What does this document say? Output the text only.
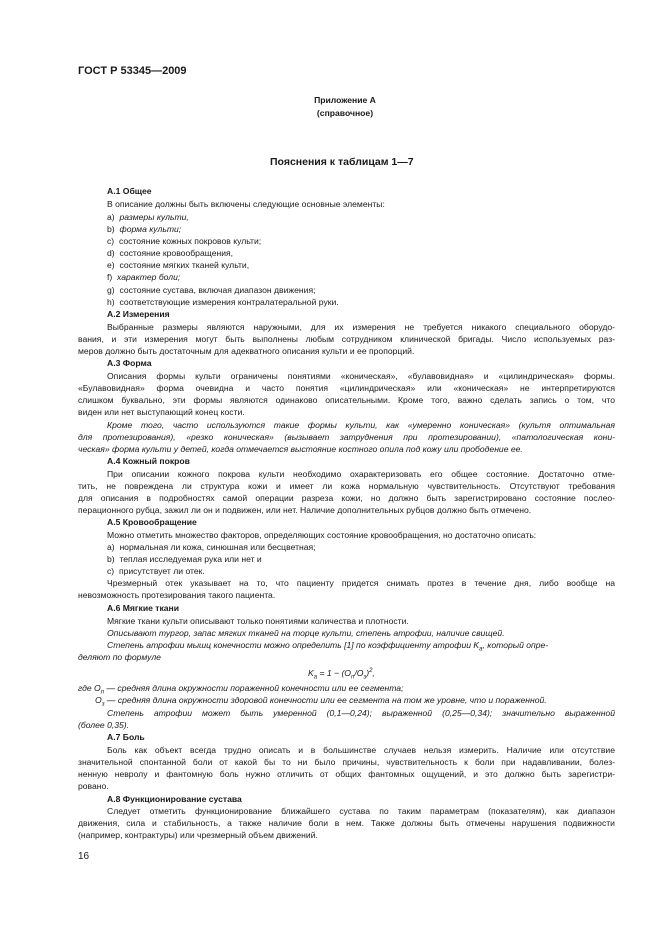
ГОСТ Р 53345—2009
Приложение А
(справочное)
Пояснения к таблицам 1—7
А.1 Общее
В описание должны быть включены следующие основные элементы:
а) размеры культи,
b) форма культи;
c) состояние кожных покровов культи;
d) состояние кровообращения,
e) состояние мягких тканей культи,
f) характер боли;
g) состояние сустава, включая диапазон движения;
h) соответствующие измерения контралатеральной руки.
А.2 Измерения
Выбранные размеры являются наружными, для их измерения не требуется никакого специального оборудо-
вания, и эти измерения могут быть выполнены любым сотрудником клинической бригады. Число используемых раз-
меров должно быть достаточным для адекватного описания культи и ее пропорций.
А.3 Форма
Описания формы культи ограничены понятиями «коническая», «булавовидная» и «цилиндрическая» формы.
«Булавовидная» форма очевидна и часто понятия «цилиндрическая» или «коническая» не интерпретируются
слишком буквально, эти формы являются одинаково описательными. Кроме того, важно сделать запись о том, что
виден или нет выступающий конец кости.
Кроме того, часто используются такие формы культи, как «умеренно коническая» (культя оптимальная
для протезирования), «резко коническая» (вызывает затруднения при протезировании), «патологическая кони-
ческая» форма культи у детей, когда отмечается выстояние костного опила под кожу или прободение ее.
А.4 Кожный покров
При описании кожного покрова культи необходимо охарактеризовать его общее состояние. Достаточно отме-
тить, не повреждена ли структура кожи и имеет ли кожа нормальную чувствительность. Отсутствуют требования
для описания в подробностях самой операции разреза кожи, но должно быть зарегистрировано состояние послео-
перационного рубца, зажил ли он и подвижен, или нет. Наличие дополнительных рубцов должно быть отмечено.
А.5 Кровообращение
Можно отметить множество факторов, определяющих состояние кровообращения, но достаточно описать:
а) нормальная ли кожа, синюшная или бесцветная;
b) теплая исследуемая рука или нет и
c) присутствует ли отек.
Чрезмерный отек указывает на то, что пациенту придется снимать протез в течение дня, либо вообще на
невозможность протезирования такого пациента.
А.6 Мягкие ткани
Мягкие ткани культи описывают только понятиями количества и плотности.
Описывают тургор, запас мягких тканей на торце культи, степень атрофии, наличие свищей.
Степень атрофии мышц конечности можно определить [1] по коэффициенту атрофии $K_а$, который опре-
деляют по формуле
$K_а = 1 - (O_п/O_з)^2$,
где $O_п$ — средняя длина окружности пораженной конечности или ее сегмента;
$O_з$ — средняя длина окружности здоровой конечности или ее сегмента на том же уровне, что и пораженной.
Степень атрофии может быть умеренной (0,1—0,24); выраженной (0,25—0,34); значительно выраженной
(более 0,35).
А.7 Боль
Боль как объект всегда трудно описать и в большинстве случаев нельзя измерить. Наличие или отсутствие
значительной спонтанной боли от какой бы то ни было причины, чувствительность к боли при надавливании, болез-
ненную невролу и фантомную боль нужно отличить от общих фантомных ощущений, и это должно быть зарегистри-
ровано.
А.8 Функционирование сустава
Следует отметить функционирование ближайшего сустава по таким параметрам (показателям), как диапазон
движения, сила и стабильность, а также наличие боли в нем. Также должны быть отмечены нарушения подвижности
(например, контрактуры) или чрезмерный объем движений.
16
